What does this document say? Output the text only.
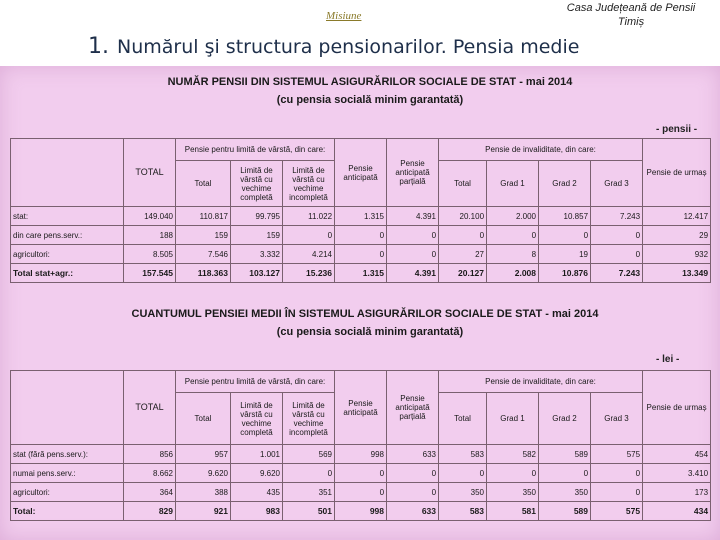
Misiune
Casa Județeană de Pensii Timiș
1. Numărul şi structura pensionarilor. Pensia medie
NUMĂR PENSII DIN SISTEMUL ASIGURĂRILOR SOCIALE DE STAT - mai 2014
(cu pensia socială minim garantată)
- pensii -
	TOTAL	Pensie pentru limită de vârstă, din care:			Pensie anticipată	Pensie anticipată parțială	Pensie de invaliditate, din care:				Pensie de urmaș
		Total	Limită de vârstă cu vechime completă	Limită de vârstă cu vechime incompletă			Total	Grad 1	Grad 2	Grad 3	
stat:	149.040	110.817	99.795	11.022	1.315	4.391	20.100	2.000	10.857	7.243	12.417
din care pens.serv.:	188	159	159	0	0	0	0	0	0	0	29
agricultori:	8.505	7.546	3.332	4.214	0	0	27	8	19	0	932
Total stat+agr.:	157.545	118.363	103.127	15.236	1.315	4.391	20.127	2.008	10.876	7.243	13.349
CUANTUMUL PENSIEI MEDII ÎN SISTEMUL ASIGURĂRILOR SOCIALE DE STAT - mai 2014
(cu pensia socială minim garantată)
- lei -
	TOTAL	Pensie pentru limită de vârstă, din care:			Pensie anticipată	Pensie anticipată parțială	Pensie de invaliditate, din care:				Pensie de urmaș
		Total	Limită de vârstă cu vechime completă	Limită de vârstă cu vechime incompletă			Total	Grad 1	Grad 2	Grad 3	
stat (fără pens.serv.):	856	957	1.001	569	998	633	583	582	589	575	454
numai pens.serv.:	8.662	9.620	9.620	0	0	0	0	0	0	0	3.410
agricultori:	364	388	435	351	0	0	350	350	350	0	173
Total:	829	921	983	501	998	633	583	581	589	575	434
